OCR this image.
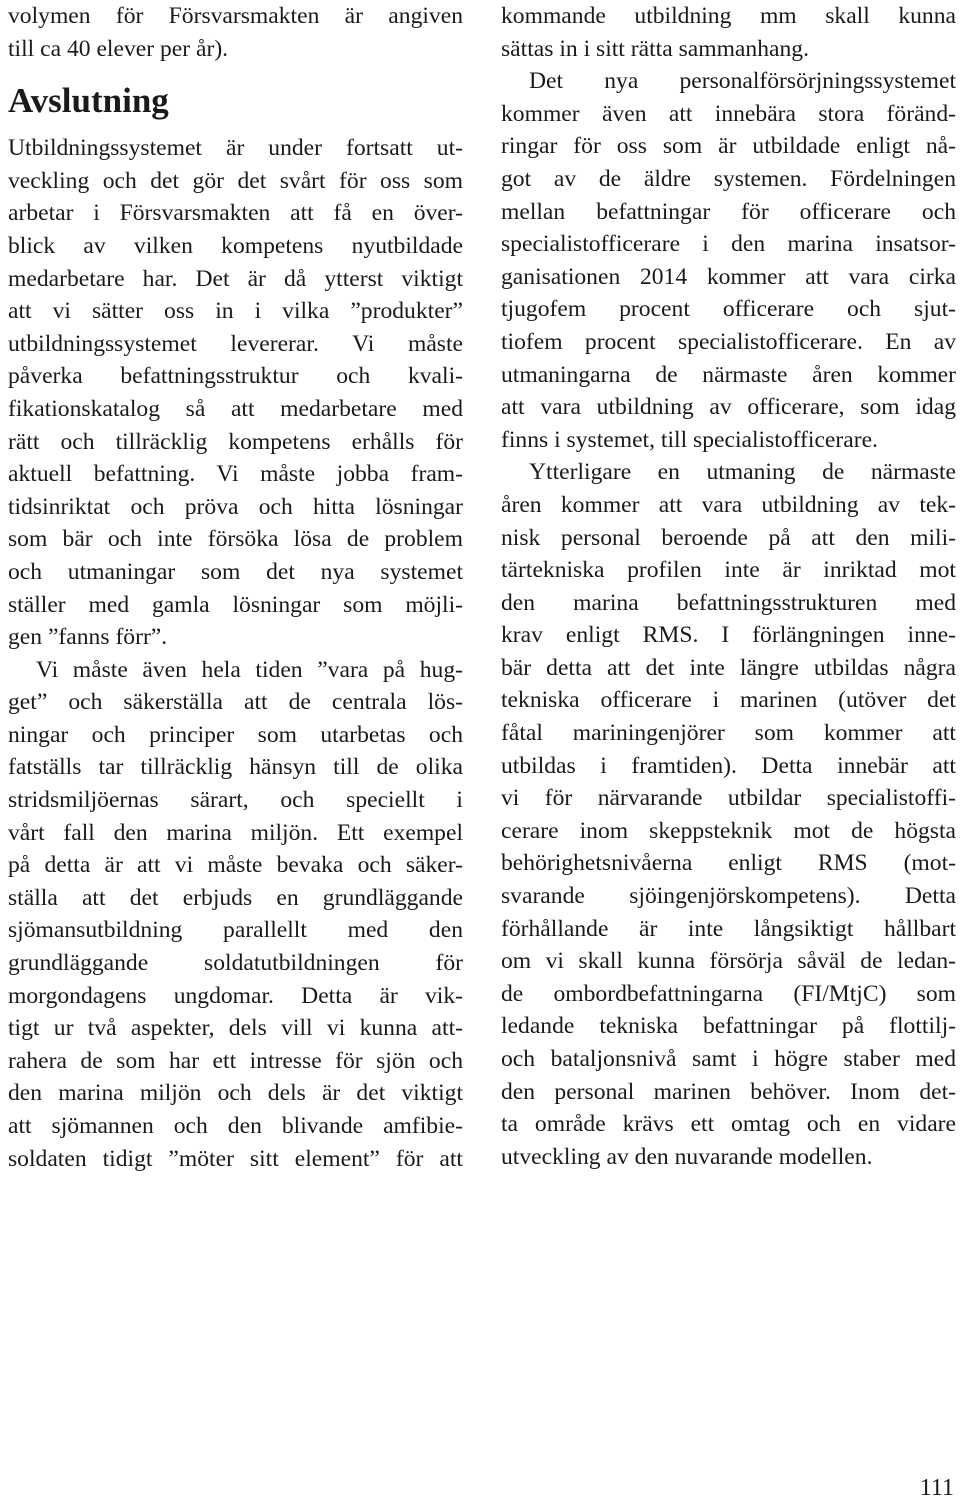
volymen för Försvarsmakten är angiven
till ca 40 elever per år).
Avslutning
Utbildningssystemet är under fortsatt ut-
veckling och det gör det svårt för oss som
arbetar i Försvarsmakten att få en över-
blick av vilken kompetens nyutbildade
medarbetare har. Det är då ytterst viktigt
att vi sätter oss in i vilka ”produkter”
utbildningssystemet levererar. Vi måste
påverka befattningsstruktur och kvali-
fikationskatalog så att medarbetare med
rätt och tillräcklig kompetens erhålls för
aktuell befattning. Vi måste jobba fram-
tidsinriktat och pröva och hitta lösningar
som bär och inte försöka lösa de problem
och utmaningar som det nya systemet
ställer med gamla lösningar som möjli-
gen ”fanns förr”.
Vi måste även hela tiden ”vara på hug-
get” och säkerställa att de centrala lös-
ningar och principer som utarbetas och
fatställs tar tillräcklig hänsyn till de olika
stridsmiljöernas särart, och speciellt i
vårt fall den marina miljön. Ett exempel
på detta är att vi måste bevaka och säker-
ställa att det erbjuds en grundläggande
sjömansutbildning parallellt med den
grundläggande soldatutbildningen för
morgondagens ungdomar. Detta är vik-
tigt ur två aspekter, dels vill vi kunna att-
rahera de som har ett intresse för sjön och
den marina miljön och dels är det viktigt
att sjömannen och den blivande amfibie-
soldaten tidigt ”möter sitt element” för att
kommande utbildning mm skall kunna
sättas in i sitt rätta sammanhang.
Det nya personalförsörjningssystemet
kommer även att innebära stora föränd-
ringar för oss som är utbildade enligt nå-
got av de äldre systemen. Fördelningen
mellan befattningar för officerare och
specialistofficerare i den marina insatsor-
ganisationen 2014 kommer att vara cirka
tjugofem procent officerare och sjut-
tiofem procent specialistofficerare. En av
utmaningarna de närmaste åren kommer
att vara utbildning av officerare, som idag
finns i systemet, till specialistofficerare.
Ytterligare en utmaning de närmaste
åren kommer att vara utbildning av tek-
nisk personal beroende på att den mili-
tärtekniska profilen inte är inriktad mot
den marina befattningsstrukturen med
krav enligt RMS. I förlängningen inne-
bär detta att det inte längre utbildas några
tekniska officerare i marinen (utöver det
fåtal mariningenjörer som kommer att
utbildas i framtiden). Detta innebär att
vi för närvarande utbildar specialistoffi-
cerare inom skeppsteknik mot de högsta
behörighetsnivåerna enligt RMS (mot-
svarande sjöingenjörskompetens). Detta
förhållande är inte långsiktigt hållbart
om vi skall kunna försörja såväl de ledan-
de ombordbefattningarna (FI/MtjC) som
ledande tekniska befattningar på flottilj-
och bataljonsnivå samt i högre staber med
den personal marinen behöver. Inom det-
ta område krävs ett omtag och en vidare
utveckling av den nuvarande modellen.
111
